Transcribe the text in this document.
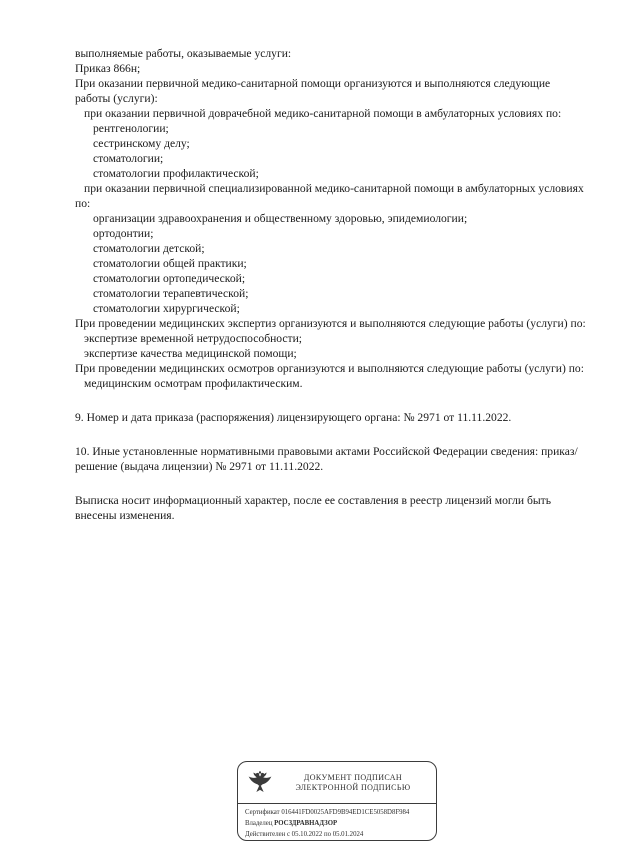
выполняемые работы, оказываемые услуги:
Приказ 866н;
При оказании первичной медико-санитарной помощи организуются и выполняются следующие работы (услуги):
при оказании первичной доврачебной медико-санитарной помощи в амбулаторных условиях по:
рентгенологии;
сестринскому делу;
стоматологии;
стоматологии профилактической;
при оказании первичной специализированной медико-санитарной помощи в амбулаторных условиях по:
организации здравоохранения и общественному здоровью, эпидемиологии;
ортодонтии;
стоматологии детской;
стоматологии общей практики;
стоматологии ортопедической;
стоматологии терапевтической;
стоматологии хирургической;
При проведении медицинских экспертиз организуются и выполняются следующие работы (услуги) по:
экспертизе временной нетрудоспособности;
экспертизе качества медицинской помощи;
При проведении медицинских осмотров организуются и выполняются следующие работы (услуги) по:
медицинским осмотрам профилактическим.
9. Номер и дата приказа (распоряжения) лицензирующего органа: № 2971 от 11.11.2022.
10. Иные установленные нормативными правовыми актами Российской Федерации сведения: приказ/решение (выдача лицензии) № 2971 от 11.11.2022.
Выписка носит информационный характер, после ее составления в реестр лицензий могли быть внесены изменения.
ДОКУМЕНТ ПОДПИСАН
ЭЛЕКТРОННОЙ ПОДПИСЬЮ
Сертификат 016441FD0025AFD9B94ED1CE5058D8F984
Владелец РОСЗДРАВНАДЗОР
Действителен с 05.10.2022 по 05.01.2024
